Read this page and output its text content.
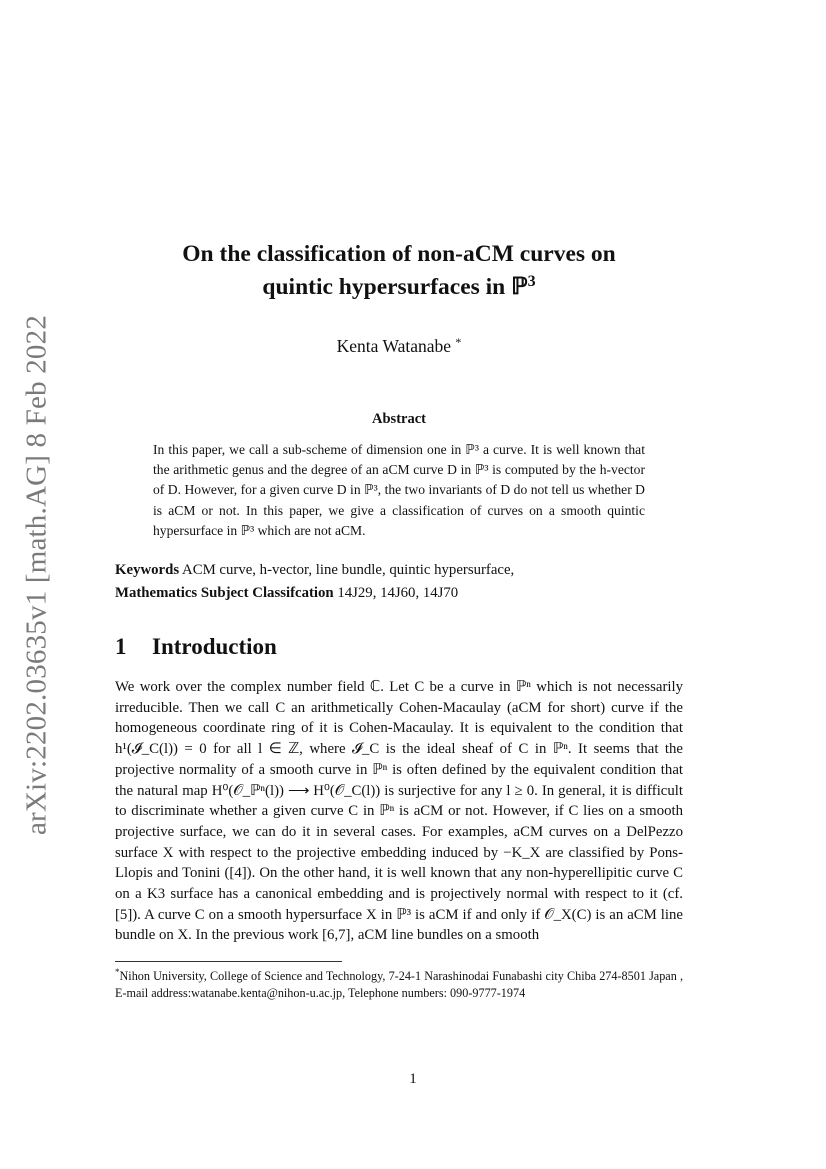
arXiv:2202.03635v1 [math.AG] 8 Feb 2022
On the classification of non-aCM curves on
quintic hypersurfaces in ℙ$^3$
Kenta Watanabe *
Abstract

In this paper, we call a sub-scheme of dimension one in ℙ³ a curve. It is well known that the arithmetic genus and the degree of an aCM curve D in ℙ³ is computed by the h-vector of D. However, for a given curve D in ℙ³, the two invariants of D do not tell us whether D is aCM or not. In this paper, we give a classification of curves on a smooth quintic hypersurface in ℙ³ which are not aCM.

Keywords ACM curve, h-vector, line bundle, quintic hypersurface,
Mathematics Subject Classifcation 14J29, 14J60, 14J70
1 Introduction

We work over the complex number field ℂ. Let C be a curve in ℙⁿ which is not necessarily irreducible. Then we call C an arithmetically Cohen-Macaulay (aCM for short) curve if the homogeneous coordinate ring of it is Cohen-Macaulay. It is equivalent to the condition that h¹(𝓘_C(l)) = 0 for all l ∈ ℤ, where 𝓘_C is the ideal sheaf of C in ℙⁿ. It seems that the projective normality of a smooth curve in ℙⁿ is often defined by the equivalent condition that the natural map H⁰(𝒪_ℙⁿ(l)) ⟶ H⁰(𝒪_C(l)) is surjective for any l ≥ 0. In general, it is difficult to discriminate whether a given curve C in ℙⁿ is aCM or not. However, if C lies on a smooth projective surface, we can do it in several cases. For examples, aCM curves on a DelPezzo surface X with respect to the projective embedding induced by −K_X are classified by Pons-Llopis and Tonini ([4]). On the other hand, it is well known that any non-hyperellipitic curve C on a K3 surface has a canonical embedding and is projectively normal with respect to it (cf. [5]). A curve C on a smooth hypersurface X in ℙ³ is aCM if and only if 𝒪_X(C) is an aCM line bundle on X. In the previous work [6,7], aCM line bundles on a smooth

*Nihon University, College of Science and Technology, 7-24-1 Narashinodai Funabashi city Chiba 274-8501 Japan , E-mail address:watanabe.kenta@nihon-u.ac.jp, Telephone numbers: 090-9777-1974
1
